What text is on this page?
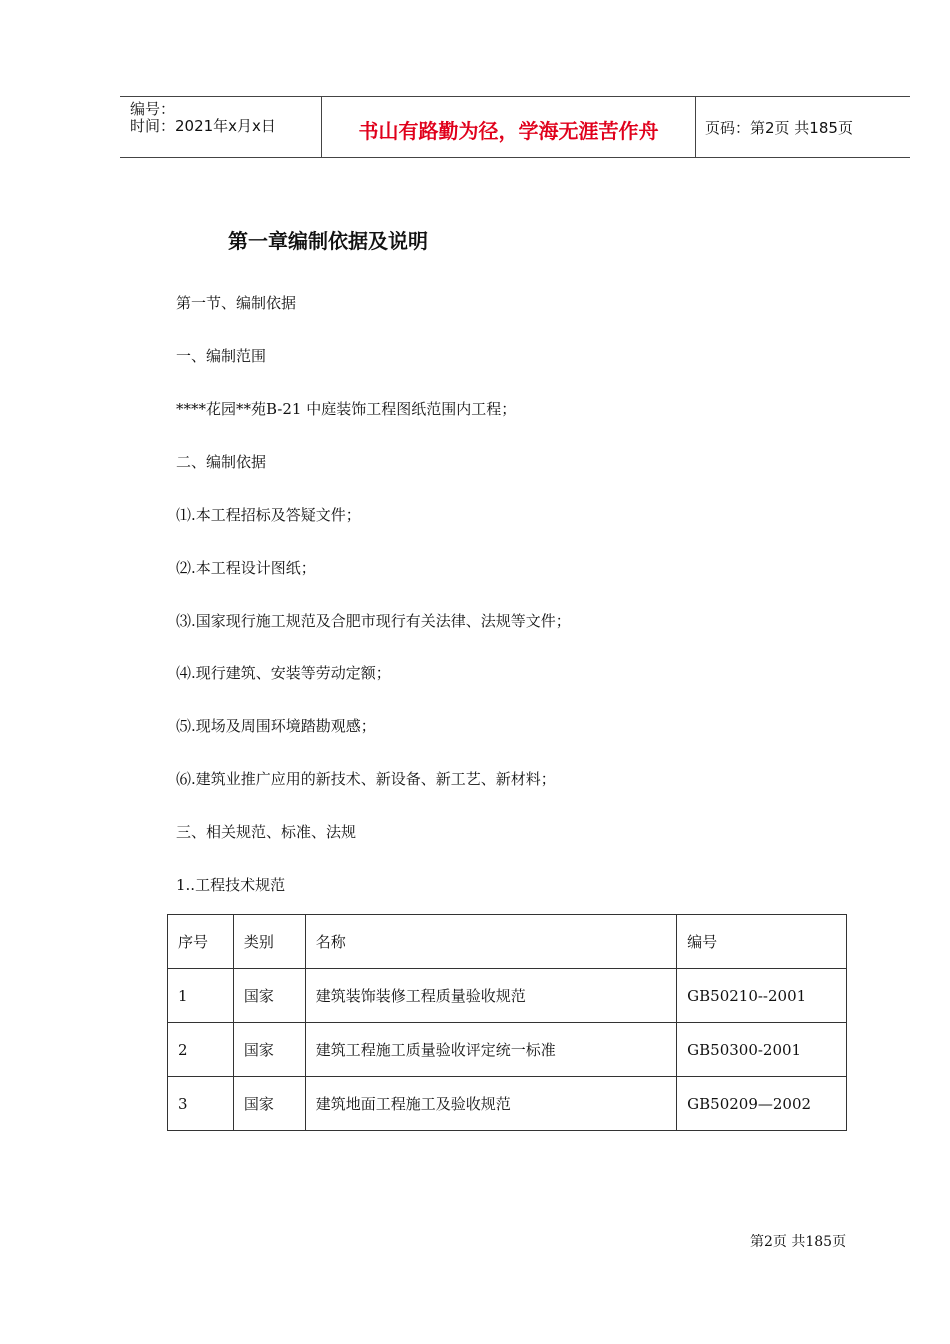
编号：
时间：2021年x月x日	书山有路勤为径，学海无涯苦作舟	页码：第2页 共185页
第一章编制依据及说明
第一节、编制依据
一、编制范围
****花园**苑B-21 中庭装饰工程图纸范围内工程；
二、编制依据
⑴.本工程招标及答疑文件；
⑵.本工程设计图纸；
⑶.国家现行施工规范及合肥市现行有关法律、法规等文件；
⑷.现行建筑、安装等劳动定额；
⑸.现场及周围环境踏勘观感；
⑹.建筑业推广应用的新技术、新设备、新工艺、新材料；
三、相关规范、标准、法规
1..工程技术规范
序号	类别	名称	编号
1	国家	建筑装饰装修工程质量验收规范	GB50210--2001
2	国家	建筑工程施工质量验收评定统一标准	GB50300-2001
3	国家	建筑地面工程施工及验收规范	GB50209—2002
第2页 共185页
